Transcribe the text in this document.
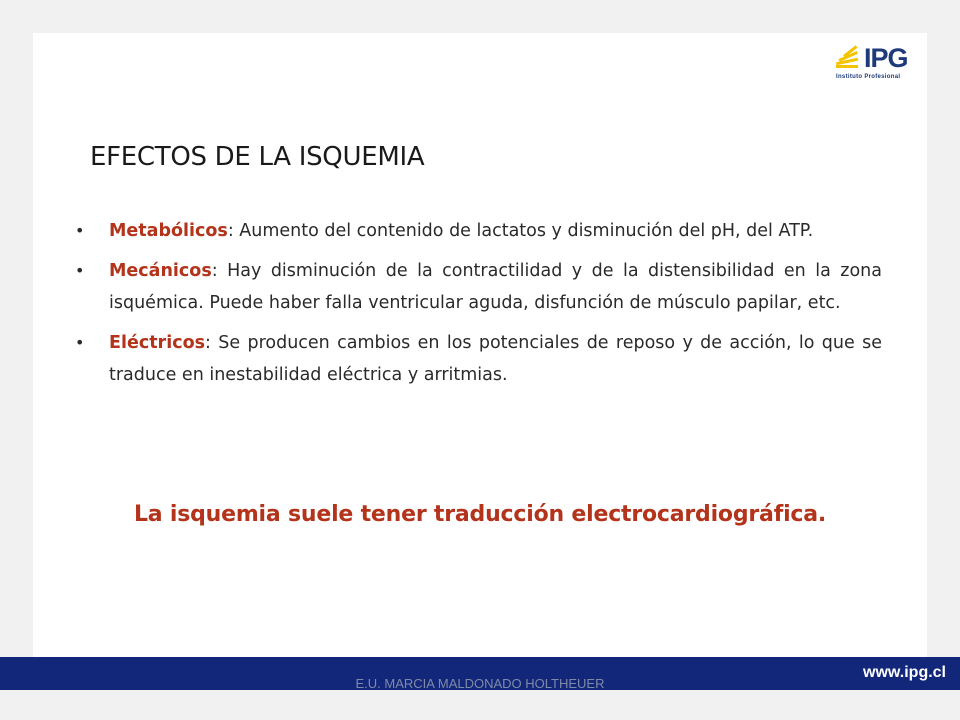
IPG
Instituto Profesional
EFECTOS DE LA ISQUEMIA
• Metabólicos: Aumento del contenido de lactatos y disminución del pH, del ATP.
• Mecánicos: Hay disminución de la contractilidad y de la distensibilidad en la zona isquémica. Puede haber falla ventricular aguda, disfunción de músculo papilar, etc.
• Eléctricos: Se producen cambios en los potenciales de reposo y de acción, lo que se traduce en inestabilidad eléctrica y arritmias.

La isquemia suele tener traducción electrocardiográfica.

www.ipg.cl
E.U. MARCIA MALDONADO HOLTHEUER
